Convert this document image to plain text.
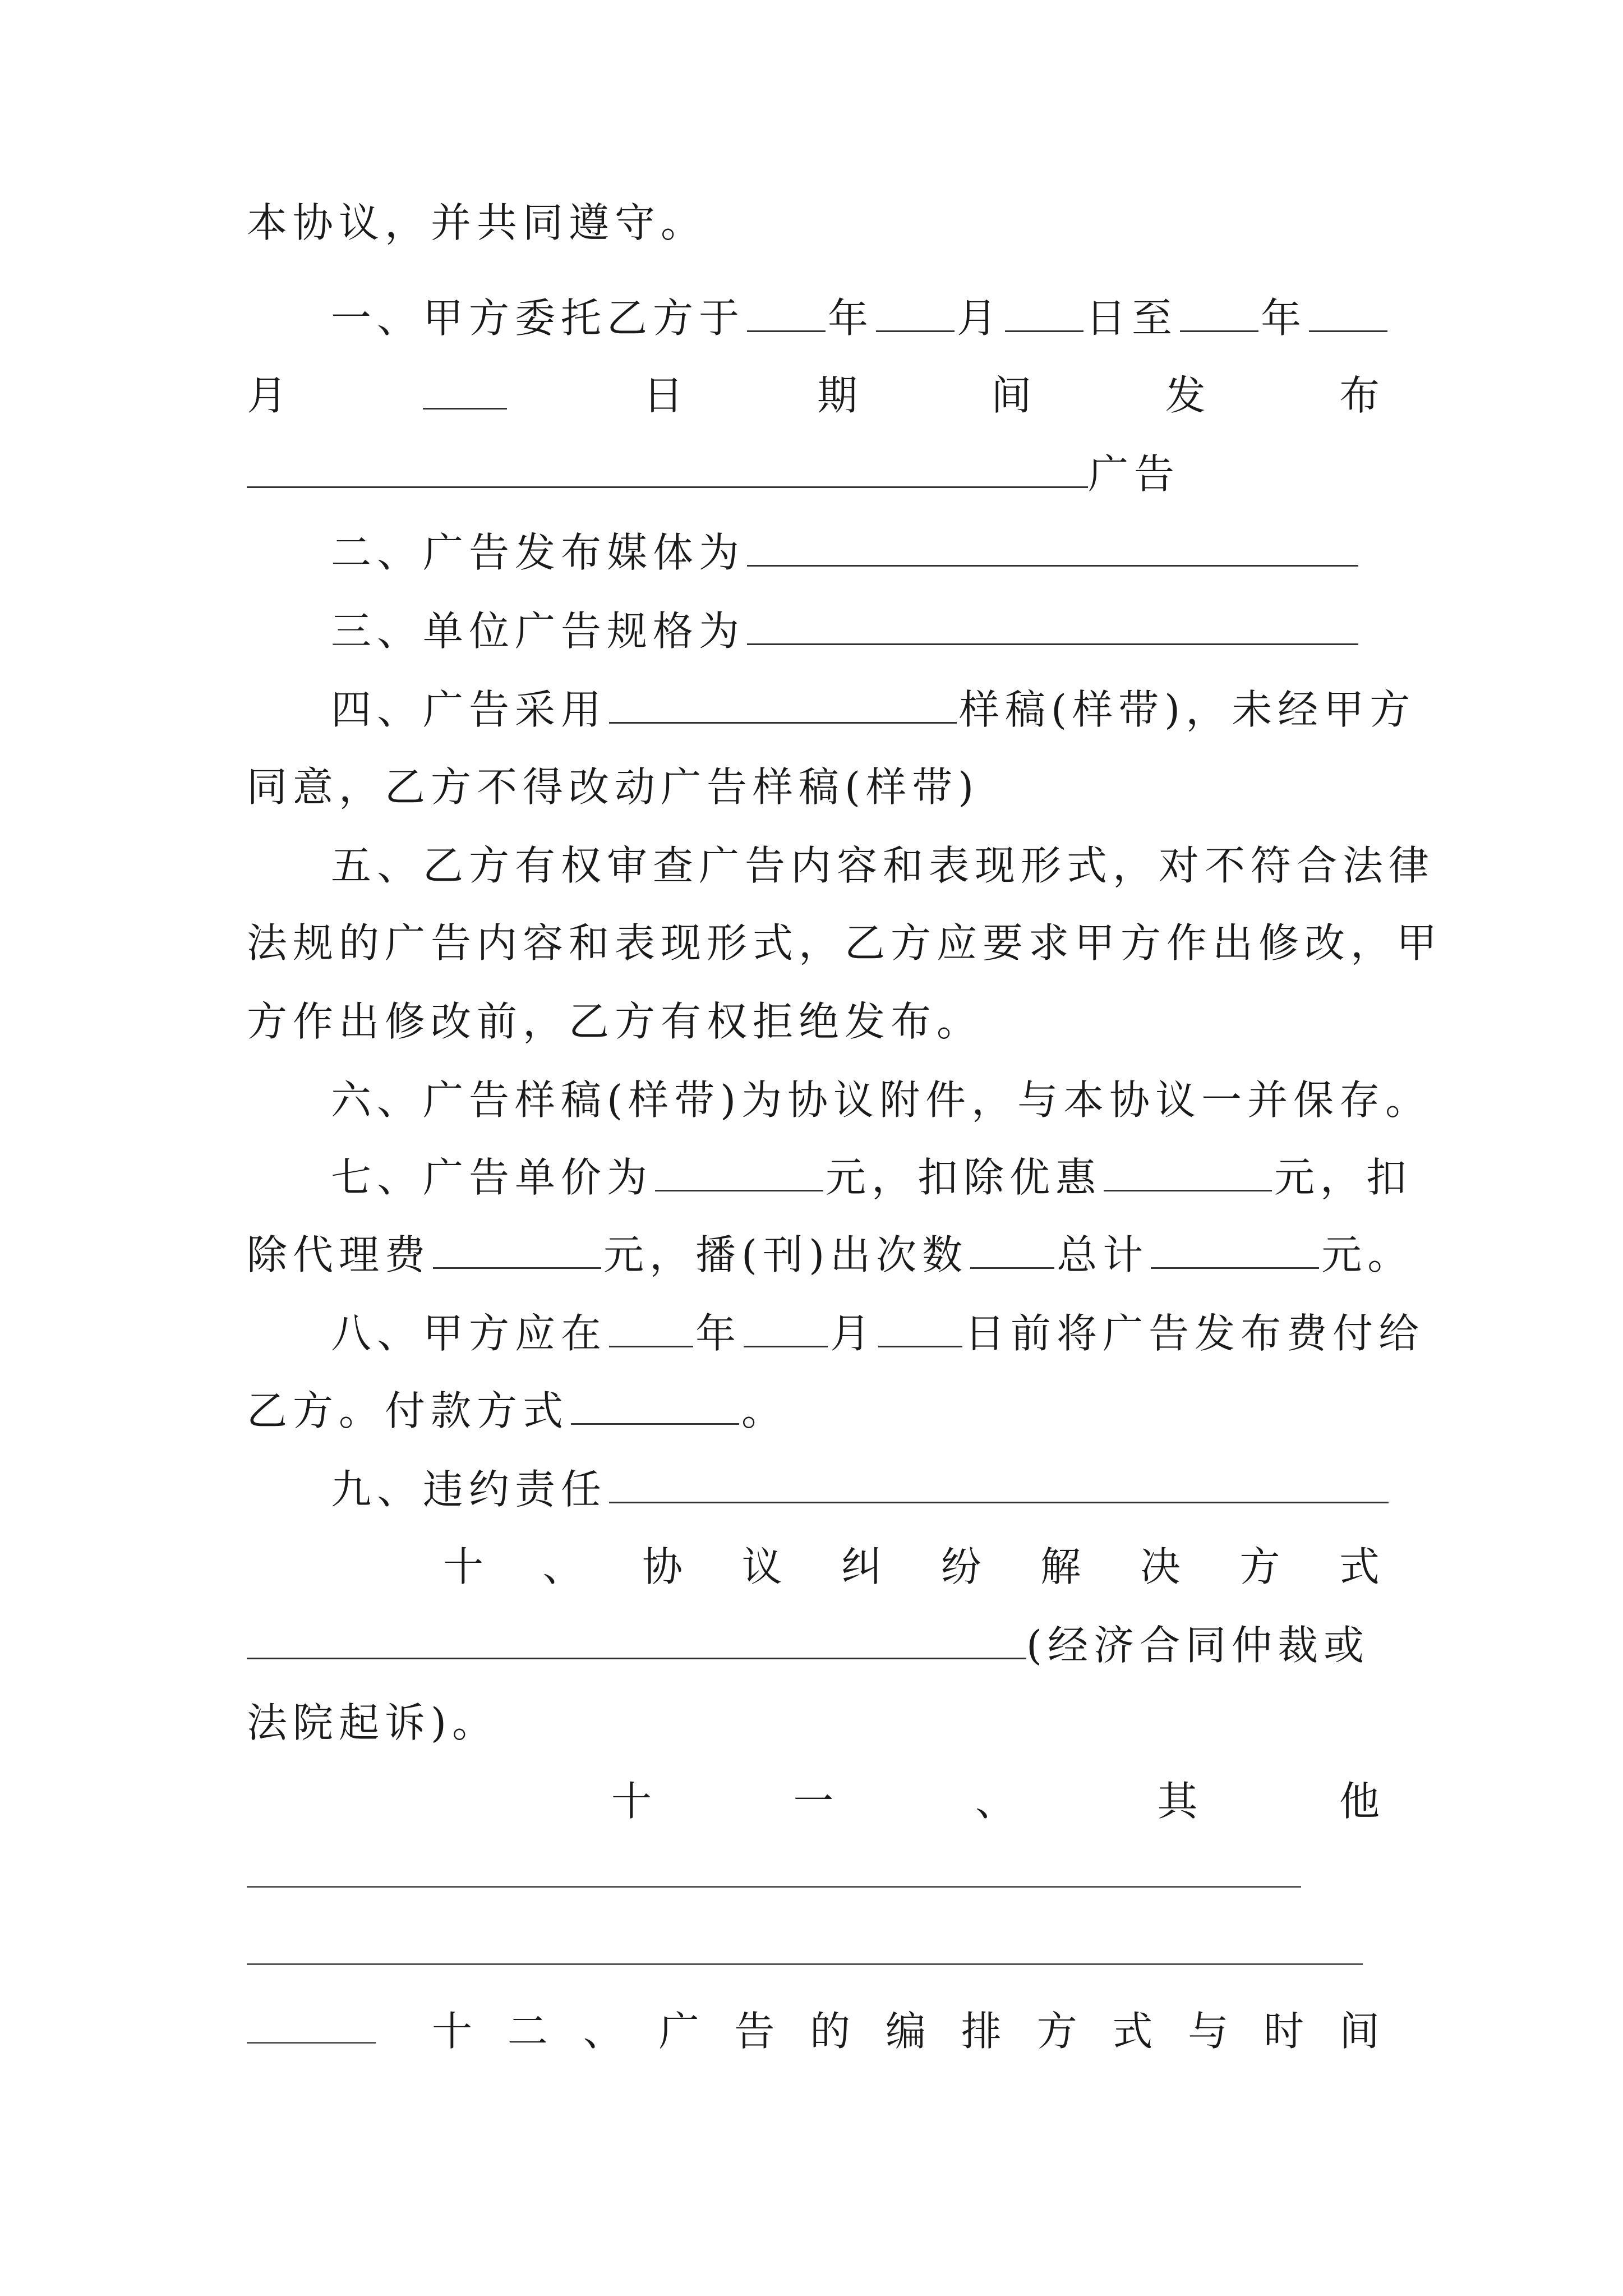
本协议，并共同遵守。
一、甲方委托乙方于 年 月 日至 年
月	日	期	间	发	布
广告
二、广告发布媒体为
三、单位广告规格为
四、广告采用	样稿(样带)，未经甲方
同意，乙方不得改动广告样稿(样带)
五、乙方有权审查广告内容和表现形式，对不符合法律
法规的广告内容和表现形式，乙方应要求甲方作出修改，甲
方作出修改前，乙方有权拒绝发布。
六、广告样稿(样带)为协议附件，与本协议一并保存。
七、广告单价为	元，扣除优惠	元，扣
除代理费	元，播(刊)出次数 总计	元。
八、甲方应在 年 月 日前将广告发布费付给
乙方。付款方式	。
九、违约责任
十 、 协 议 纠 纷 解 决 方 式
(经济合同仲裁或
法院起诉)。
十	一	、	其	他
十 二 、 广 告 的 编 排 方 式 与 时 间
